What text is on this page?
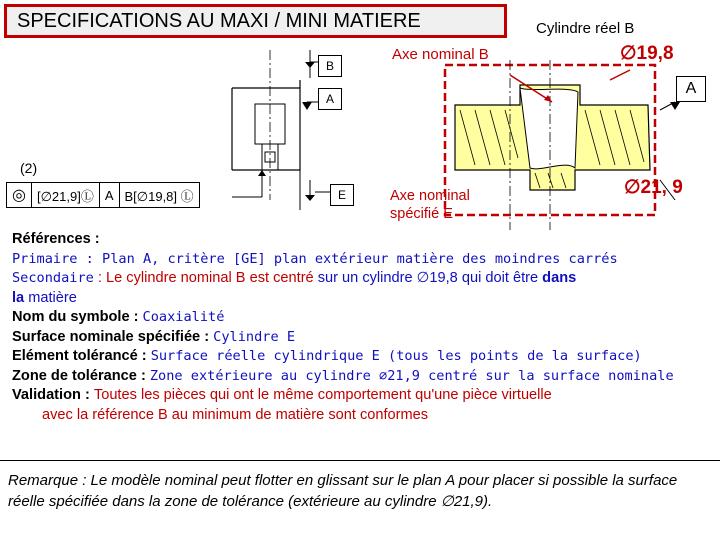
SPECIFICATIONS AU MAXI / MINI MATIERE
B
A
E
(2)
◎ [∅21,9]Ⓛ A B[∅19,8] Ⓛ
Cylindre réel B
Axe nominal B	∅19,8
A
∅21, 9
Axe nominal
spécifié E

Références :

Primaire : Plan A, critère [GE] plan extérieur matière des moindres carrés

Secondaire : Le cylindre nominal B est centré sur un cylindre ∅19,8 qui doit être dans
la matière

Nom du symbole : Coaxialité

Surface nominale spécifiée : Cylindre E

Elément tolérancé : Surface réelle cylindrique E (tous les points de la surface)

Zone de tolérance : Zone extérieure au cylindre ∅21,9 centré sur la surface nominale

Validation : Toutes les pièces qui ont le même comportement qu'une pièce virtuelle

avec la référence B au minimum de matière sont conformes

Remarque : Le modèle nominal peut flotter en glissant sur le plan A pour placer si possible la surface réelle spécifiée dans la zone de tolérance (extérieure au cylindre ∅21,9).
